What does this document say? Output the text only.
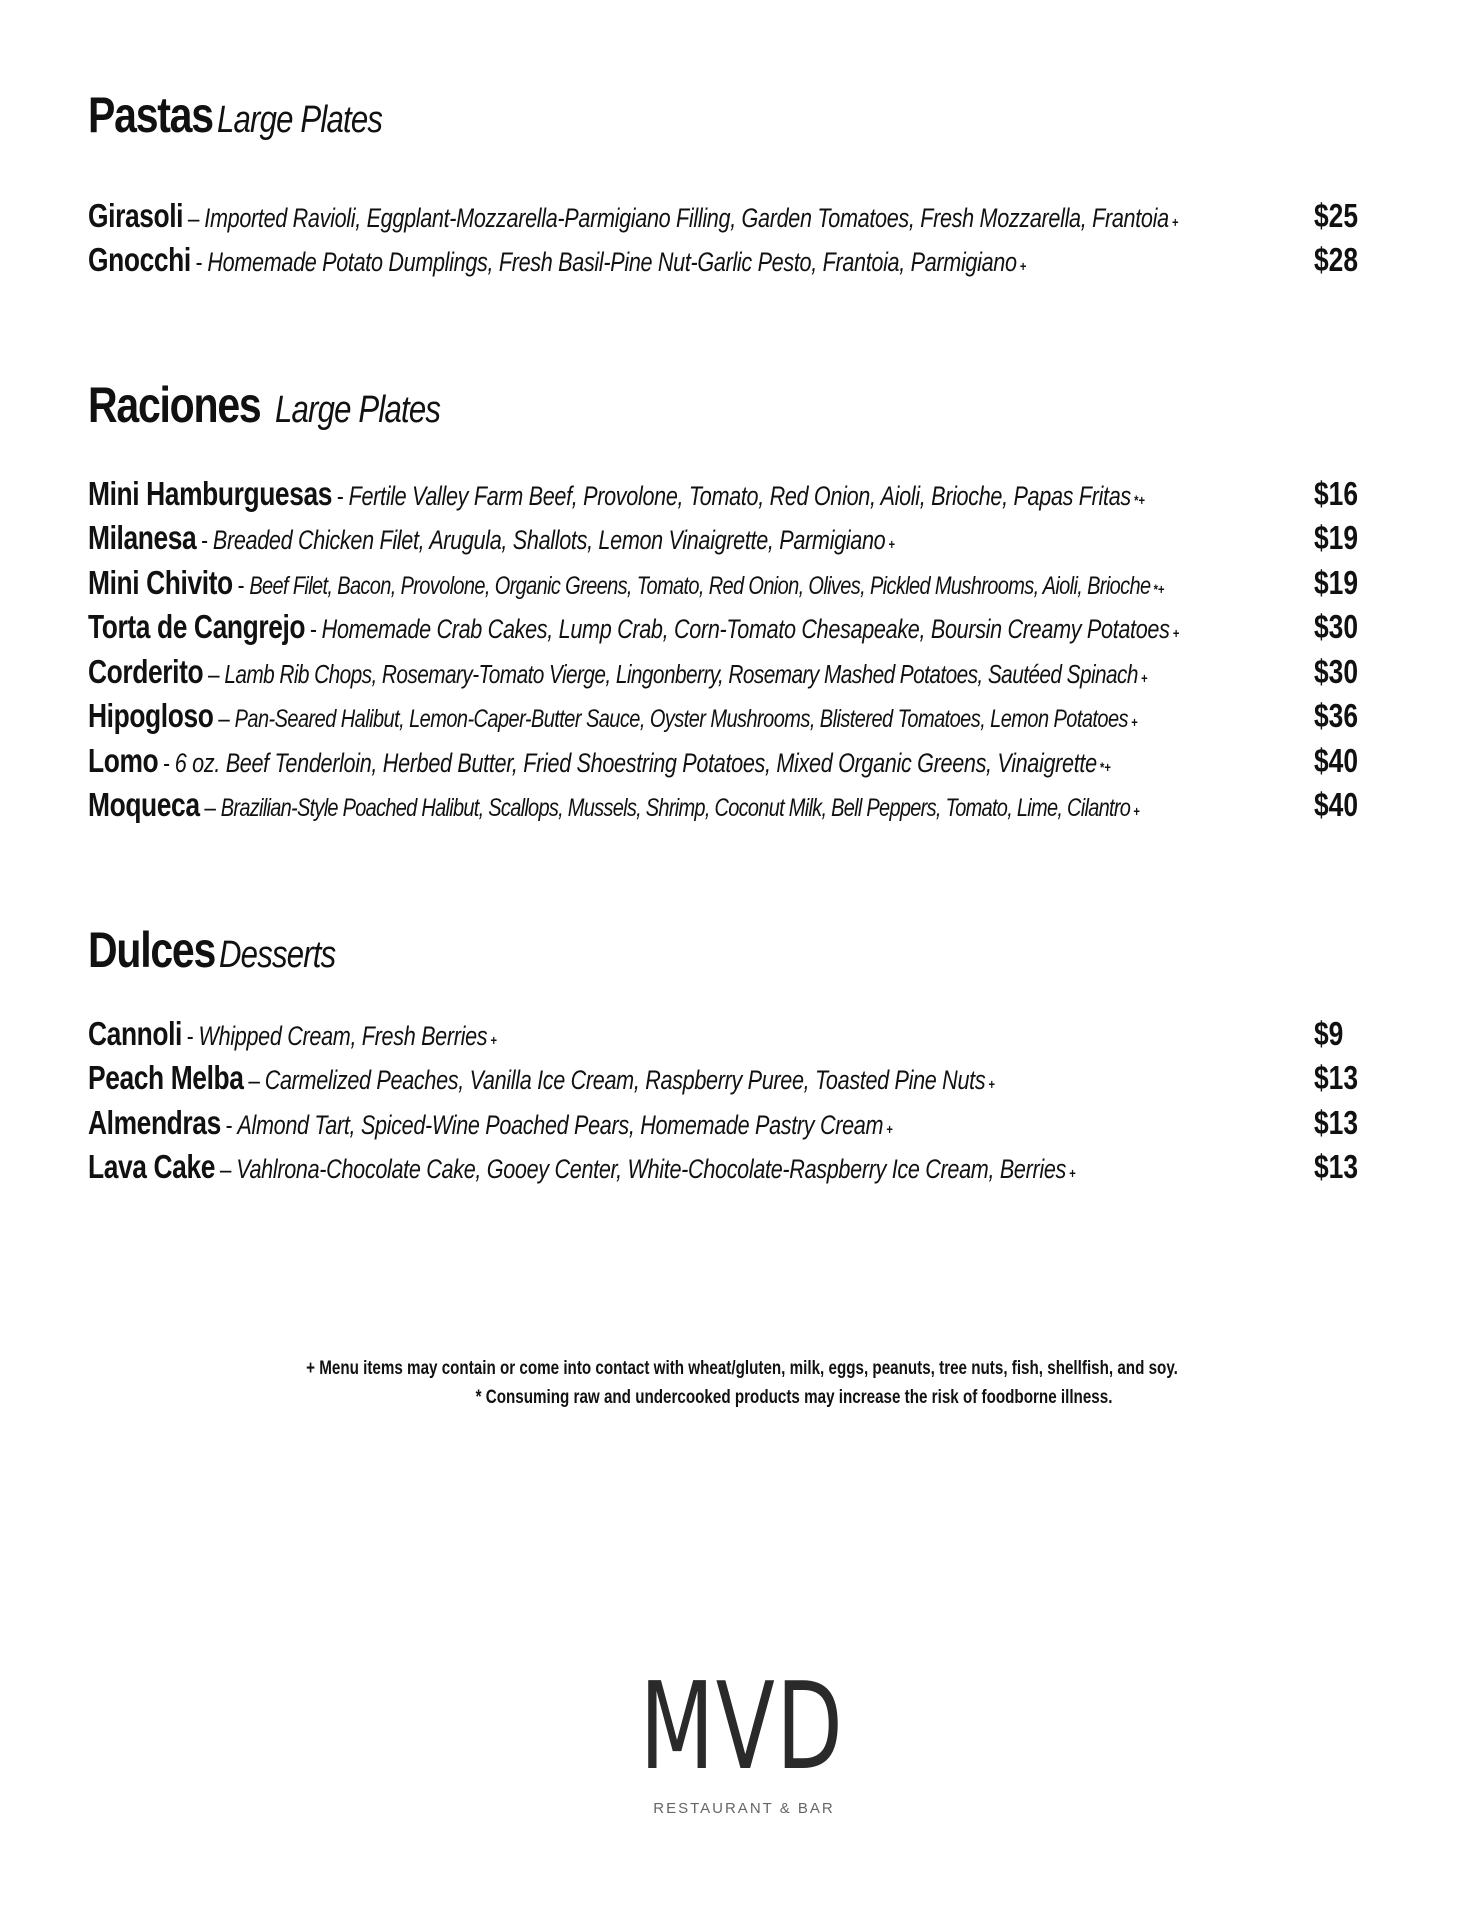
Pastas Large Plates
Girasoli – Imported Ravioli, Eggplant-Mozzarella-Parmigiano Filling, Garden Tomatoes, Fresh Mozzarella, Frantoia +	$25
Gnocchi - Homemade Potato Dumplings, Fresh Basil-Pine Nut-Garlic Pesto, Frantoia, Parmigiano +	$28
Raciones Large Plates
Mini Hamburguesas - Fertile Valley Farm Beef, Provolone, Tomato, Red Onion, Aioli, Brioche, Papas Fritas *+	$16
Milanesa - Breaded Chicken Filet, Arugula, Shallots, Lemon Vinaigrette, Parmigiano +	$19
Mini Chivito - Beef Filet, Bacon, Provolone, Organic Greens, Tomato, Red Onion, Olives, Pickled Mushrooms, Aioli, Brioche *+	$19
Torta de Cangrejo - Homemade Crab Cakes, Lump Crab, Corn-Tomato Chesapeake, Boursin Creamy Potatoes +	$30
Corderito – Lamb Rib Chops, Rosemary-Tomato Vierge, Lingonberry, Rosemary Mashed Potatoes, Sautéed Spinach +	$30
Hipogloso – Pan-Seared Halibut, Lemon-Caper-Butter Sauce, Oyster Mushrooms, Blistered Tomatoes, Lemon Potatoes +	$36
Lomo - 6 oz. Beef Tenderloin, Herbed Butter, Fried Shoestring Potatoes, Mixed Organic Greens, Vinaigrette *+	$40
Moqueca – Brazilian-Style Poached Halibut, Scallops, Mussels, Shrimp, Coconut Milk, Bell Peppers, Tomato, Lime, Cilantro +	$40
Dulces Desserts
Cannoli - Whipped Cream, Fresh Berries +	$9
Peach Melba – Carmelized Peaches, Vanilla Ice Cream, Raspberry Puree, Toasted Pine Nuts +	$13
Almendras - Almond Tart, Spiced-Wine Poached Pears, Homemade Pastry Cream +	$13
Lava Cake – Vahlrona-Chocolate Cake, Gooey Center, White-Chocolate-Raspberry Ice Cream, Berries +	$13
+ Menu items may contain or come into contact with wheat/gluten, milk, eggs, peanuts, tree nuts, fish, shellfish, and soy.
* Consuming raw and undercooked products may increase the risk of foodborne illness.
MVD
RESTAURANT & BAR
